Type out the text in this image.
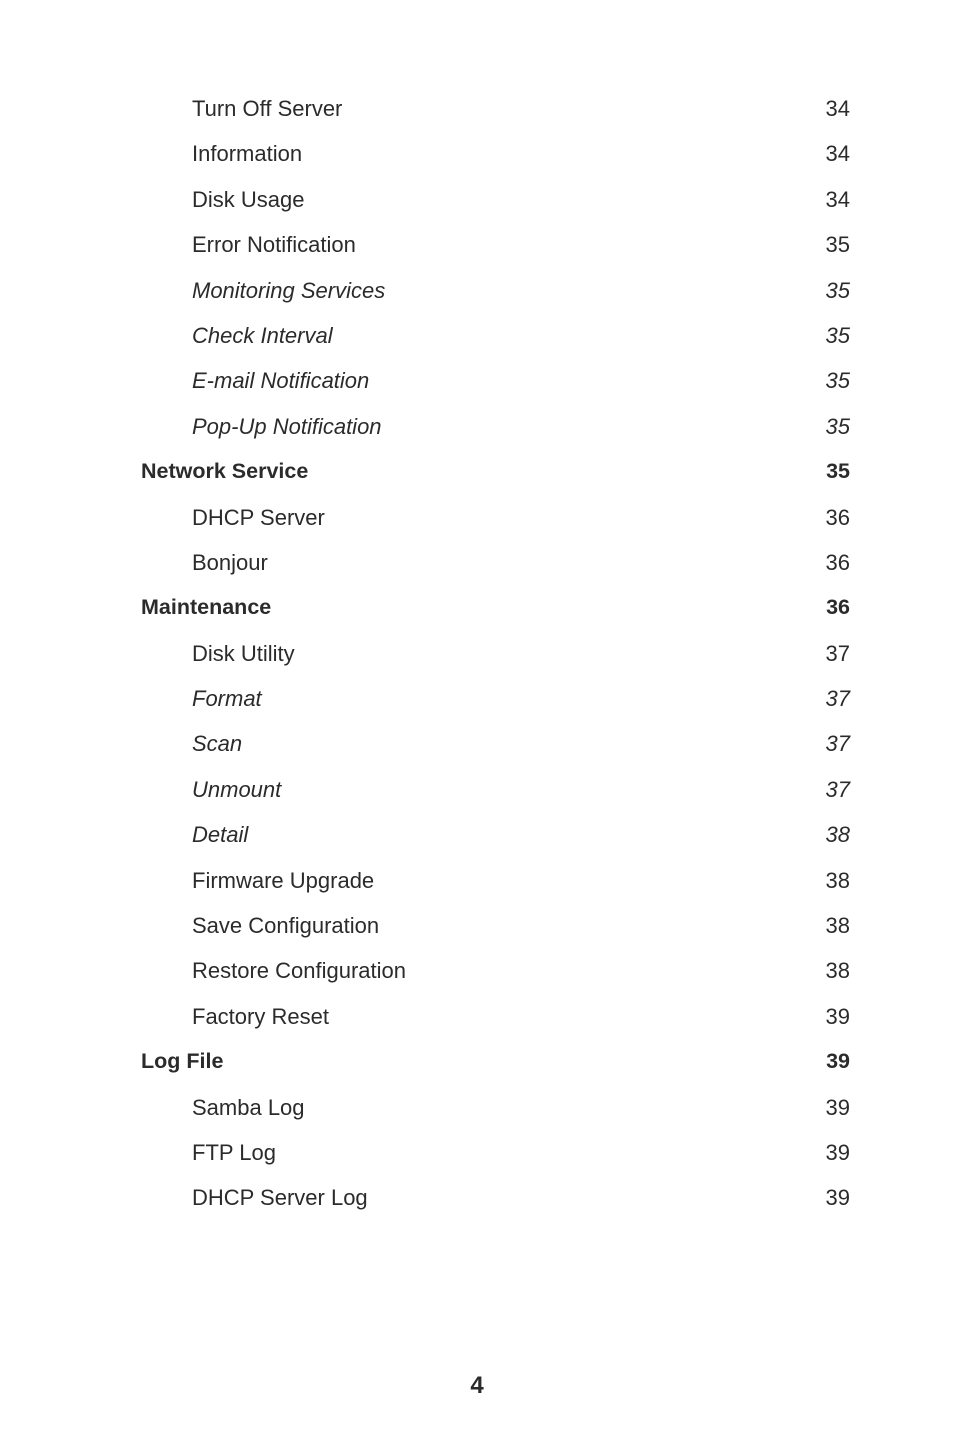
Turn Off Server	34
Information	34
Disk Usage	34
Error Notification	35
Monitoring Services	35
Check Interval	35
E-mail Notification	35
Pop-Up Notification	35
Network Service	35
DHCP Server	36
Bonjour	36
Maintenance	36
Disk Utility	37
Format	37
Scan	37
Unmount	37
Detail	38
Firmware Upgrade	38
Save Configuration	38
Restore Configuration	38
Factory Reset	39
Log File	39
Samba Log	39
FTP Log	39
DHCP Server Log	39
4
